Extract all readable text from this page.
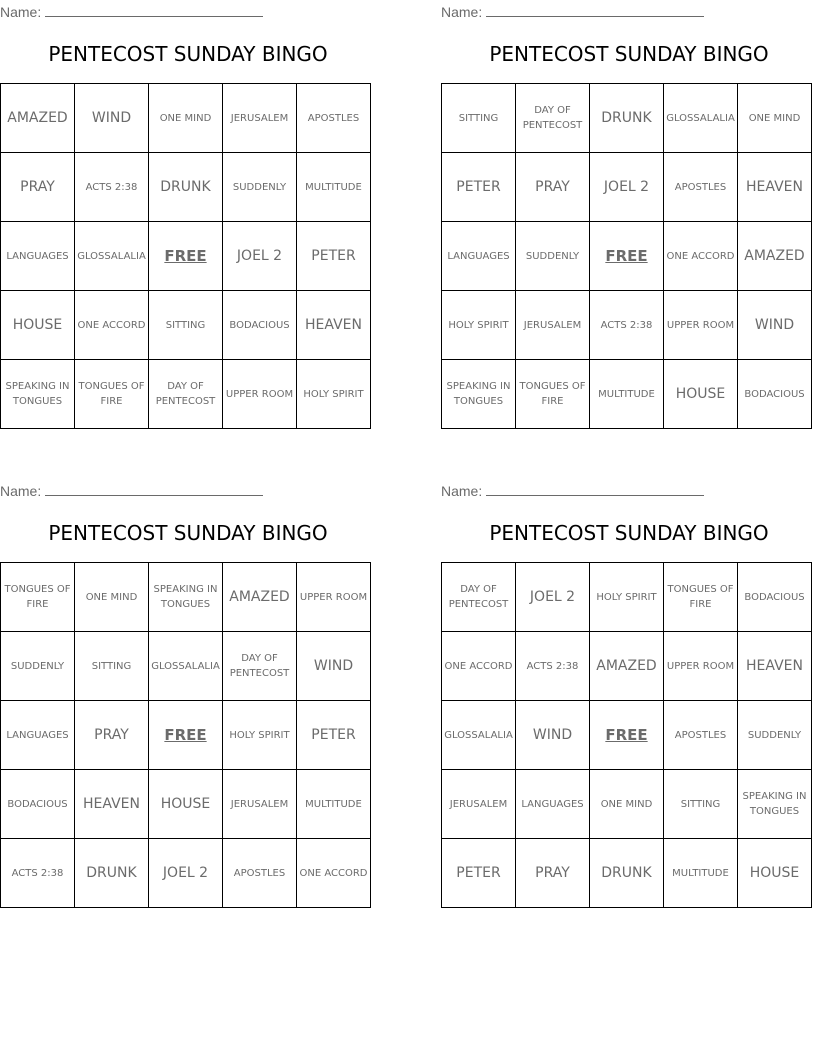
Name:
PENTECOST SUNDAY BINGO
AMAZED	WIND	ONE MIND	JERUSALEM	APOSTLES
PRAY	ACTS 2:38	DRUNK	SUDDENLY	MULTITUDE
LANGUAGES	GLOSSALALIA	FREE	JOEL 2	PETER
HOUSE	ONE ACCORD	SITTING	BODACIOUS	HEAVEN
SPEAKING IN TONGUES	TONGUES OF FIRE	DAY OF PENTECOST	UPPER ROOM	HOLY SPIRIT
Name:
PENTECOST SUNDAY BINGO
SITTING	DAY OF PENTECOST	DRUNK	GLOSSALALIA	ONE MIND
PETER	PRAY	JOEL 2	APOSTLES	HEAVEN
LANGUAGES	SUDDENLY	FREE	ONE ACCORD	AMAZED
HOLY SPIRIT	JERUSALEM	ACTS 2:38	UPPER ROOM	WIND
SPEAKING IN TONGUES	TONGUES OF FIRE	MULTITUDE	HOUSE	BODACIOUS
Name:
PENTECOST SUNDAY BINGO
TONGUES OF FIRE	ONE MIND	SPEAKING IN TONGUES	AMAZED	UPPER ROOM
SUDDENLY	SITTING	GLOSSALALIA	DAY OF PENTECOST	WIND
LANGUAGES	PRAY	FREE	HOLY SPIRIT	PETER
BODACIOUS	HEAVEN	HOUSE	JERUSALEM	MULTITUDE
ACTS 2:38	DRUNK	JOEL 2	APOSTLES	ONE ACCORD
Name:
PENTECOST SUNDAY BINGO
DAY OF PENTECOST	JOEL 2	HOLY SPIRIT	TONGUES OF FIRE	BODACIOUS
ONE ACCORD	ACTS 2:38	AMAZED	UPPER ROOM	HEAVEN
GLOSSALALIA	WIND	FREE	APOSTLES	SUDDENLY
JERUSALEM	LANGUAGES	ONE MIND	SITTING	SPEAKING IN TONGUES
PETER	PRAY	DRUNK	MULTITUDE	HOUSE
